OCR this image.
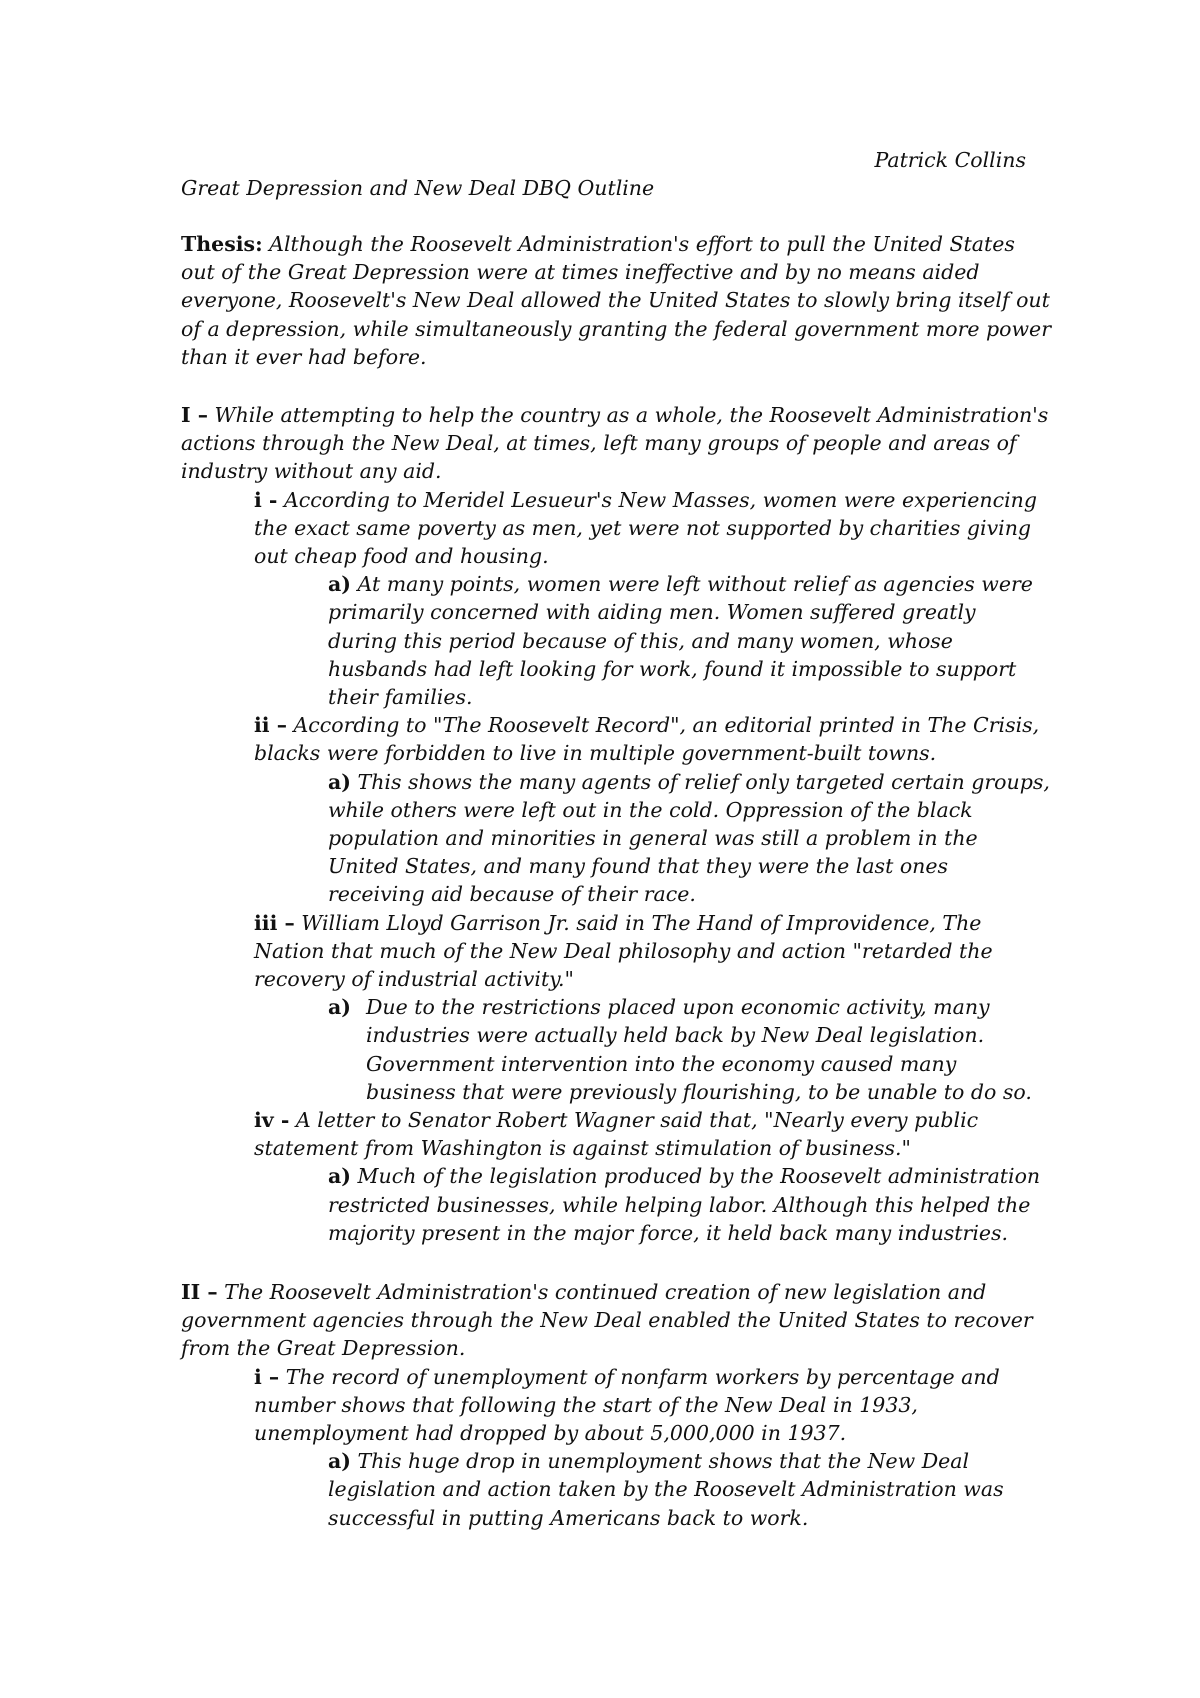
Patrick Collins
Great Depression and New Deal DBQ Outline

Thesis: Although the Roosevelt Administration's effort to pull the United States out of the Great Depression were at times ineffective and by no means aided everyone, Roosevelt's New Deal allowed the United States to slowly bring itself out of a depression, while simultaneously granting the federal government more power than it ever had before.

I – While attempting to help the country as a whole, the Roosevelt Administration's actions through the New Deal, at times, left many groups of people and areas of industry without any aid.

i - According to Meridel Lesueur's New Masses, women were experiencing the exact same poverty as men, yet were not supported by charities giving out cheap food and housing.

a) At many points, women were left without relief as agencies were primarily concerned with aiding men. Women suffered greatly during this period because of this, and many women, whose husbands had left looking for work, found it impossible to support their families.

ii – According to "The Roosevelt Record", an editorial printed in The Crisis, blacks were forbidden to live in multiple government-built towns.

a) This shows the many agents of relief only targeted certain groups, while others were left out in the cold. Oppression of the black population and minorities in general was still a problem in the United States, and many found that they were the last ones receiving aid because of their race.

iii – William Lloyd Garrison Jr. said in The Hand of Improvidence, The Nation that much of the New Deal philosophy and action "retarded the recovery of industrial activity."

a) Due to the restrictions placed upon economic activity, many industries were actually held back by New Deal legislation. Government intervention into the economy caused many business that were previously flourishing, to be unable to do so.

iv - A letter to Senator Robert Wagner said that, "Nearly every public statement from Washington is against stimulation of business."

a) Much of the legislation produced by the Roosevelt administration restricted businesses, while helping labor. Although this helped the majority present in the major force, it held back many industries.

II – The Roosevelt Administration's continued creation of new legislation and government agencies through the New Deal enabled the United States to recover from the Great Depression.

i – The record of unemployment of nonfarm workers by percentage and number shows that following the start of the New Deal in 1933, unemployment had dropped by about 5,000,000 in 1937.

a) This huge drop in unemployment shows that the New Deal legislation and action taken by the Roosevelt Administration was successful in putting Americans back to work.
